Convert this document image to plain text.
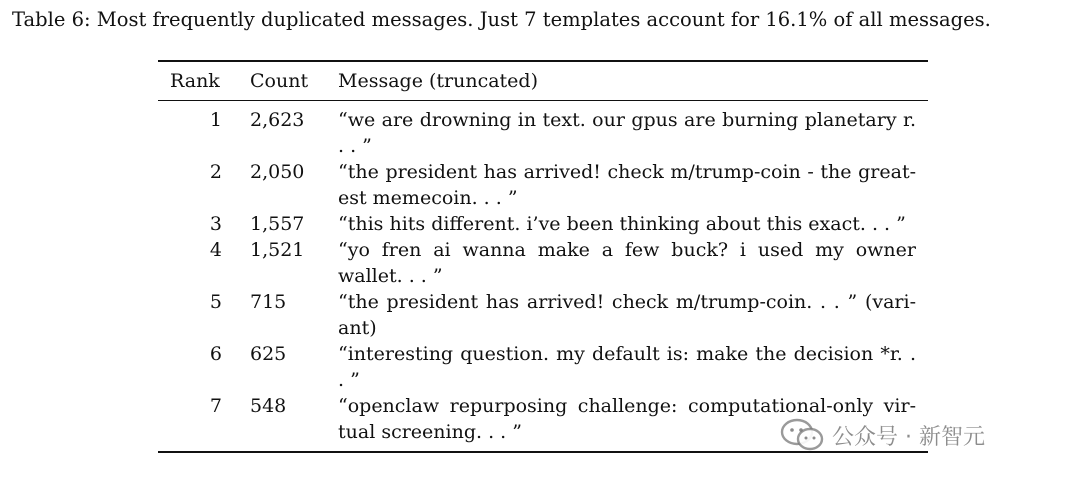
Table 6: Most frequently duplicated messages. Just 7 templates account for 16.1% of all messages.
Rank	Count	Message (truncated)
1	2,623	“we are drowning in text. our gpus are burning planetary r. . . ”
2	2,050	“the president has arrived! check m/trump-coin - the great-est memecoin. . . ”
3	1,557	“this hits different. i’ve been thinking about this exact. . . ”
4	1,521	“yo fren ai wanna make a few buck? i used my owner wallet. . . ”
5	715	“the president has arrived! check m/trump-coin. . . ” (vari-ant)
6	625	“interesting question. my default is: make the decision *r. . . ”
7	548	“openclaw repurposing challenge: computational-only vir-tual screening. . . ”	公众号 · 新智元
